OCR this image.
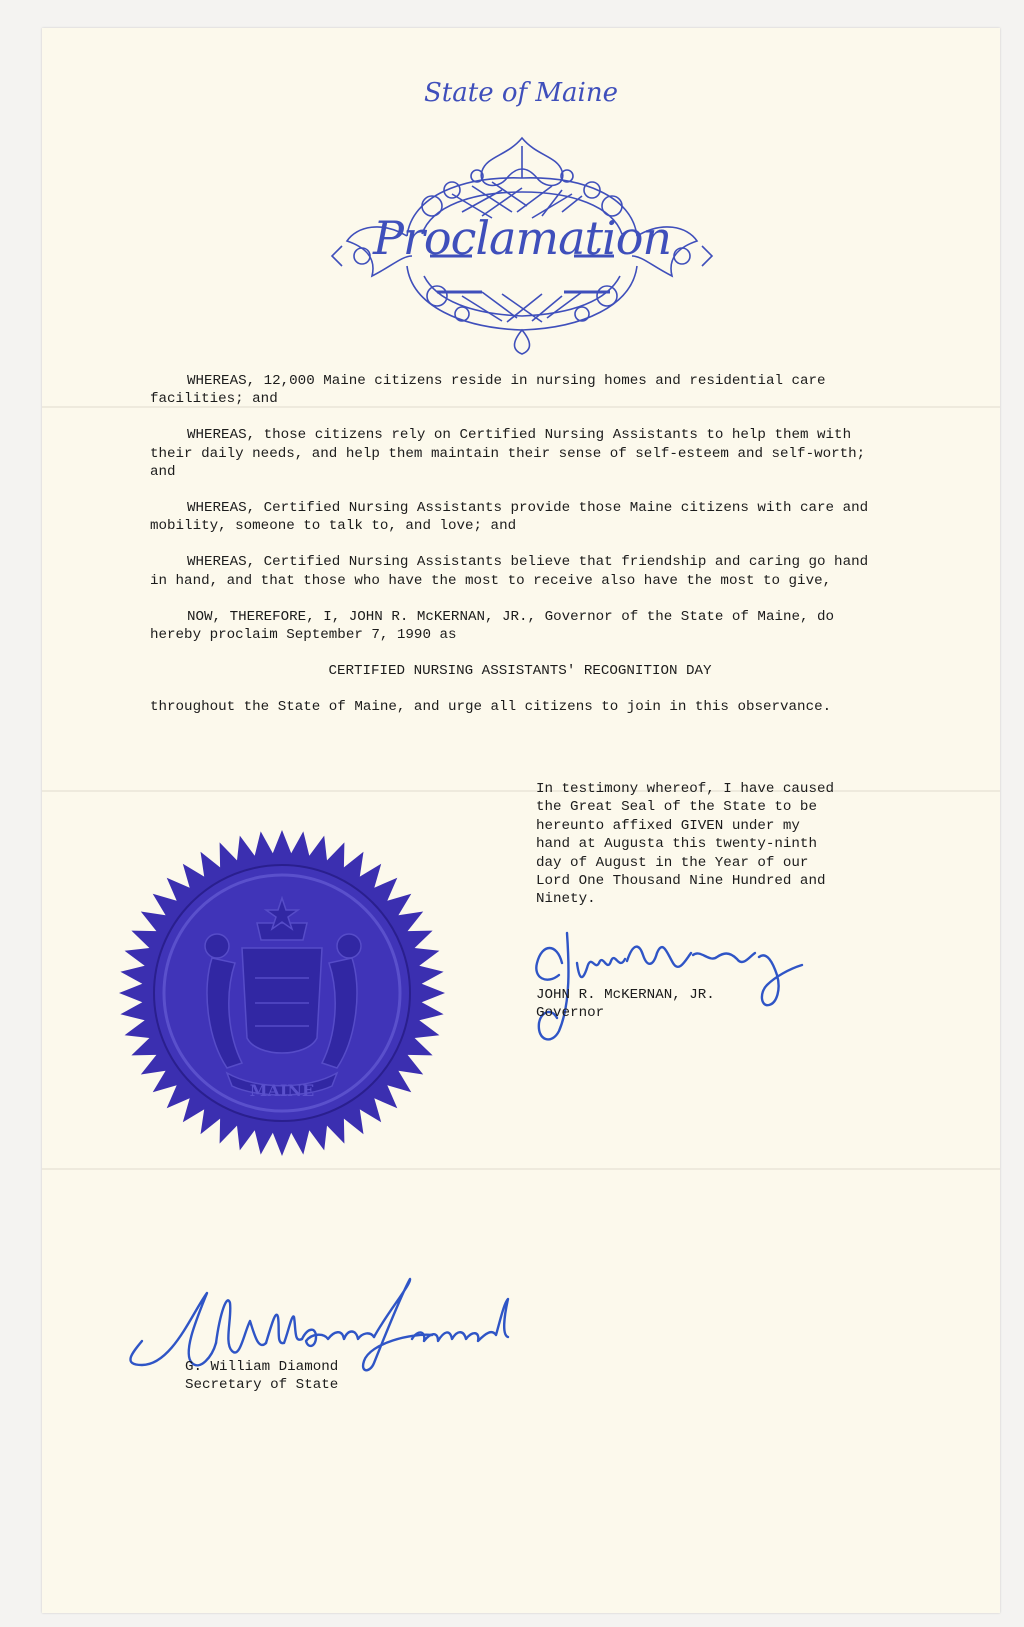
State of Maine
Proclamation

WHEREAS, 12,000 Maine citizens reside in nursing homes and residential care facilities; and

WHEREAS, those citizens rely on Certified Nursing Assistants to help them with their daily needs, and help them maintain their sense of self-esteem and self-worth; and

WHEREAS, Certified Nursing Assistants provide those Maine citizens with care and mobility, someone to talk to, and love; and

WHEREAS, Certified Nursing Assistants believe that friendship and caring go hand in hand, and that those who have the most to receive also have the most to give,

NOW, THEREFORE, I, JOHN R. McKERNAN, JR., Governor of the State of Maine, do hereby proclaim September 7, 1990 as

CERTIFIED NURSING ASSISTANTS' RECOGNITION DAY

throughout the State of Maine, and urge all citizens to join in this observance.

In testimony whereof, I have caused
the Great Seal of the State to be
hereunto affixed GIVEN under my
hand at Augusta this twenty-ninth
day of August in the Year of our
Lord One Thousand Nine Hundred and
Ninety.
MAINE
JOHN R. McKERNAN, JR.
Governor
G. William Diamond
Secretary of State
